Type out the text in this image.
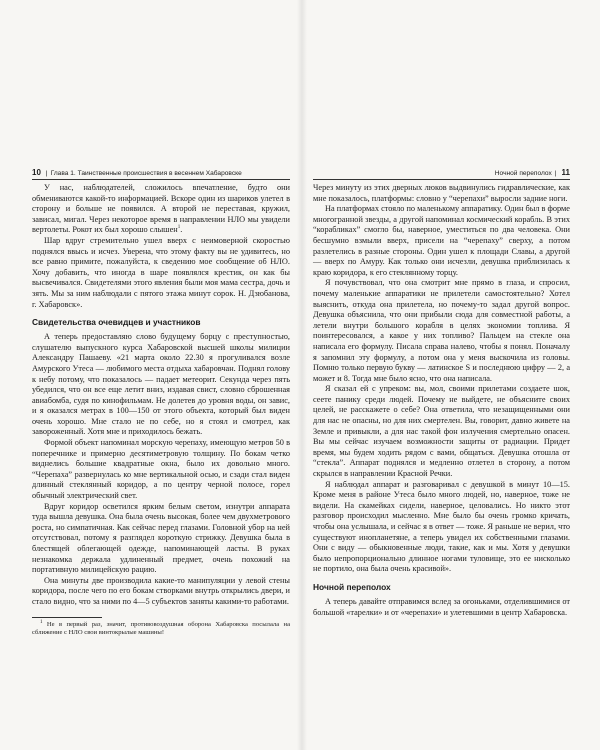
10 | Глава 1. Таинственные происшествия в весеннем Хабаровске

У нас, наблюдателей, сложилось впечатление, будто они обмениваются какой-то информацией. Вскоре один из шариков улетел в сторону и больше не появился. А второй не переставая, кружил, зависал, мигал. Через некоторое время в направлении НЛО мы увидели вертолеты. Рокот их был хорошо слышен$^1$.

Шар вдруг стремительно ушел вверх с неимоверной скоростью поднялся ввысь и исчез. Уверена, что этому факту вы не удивитесь, но все равно примите, пожалуйста, к сведению мое сообщение об НЛО. Хочу добавить, что иногда в шаре появлялся крестик, он как бы высвечивался. Свидетелями этого явления были моя мама сестра, дочь и зять. Мы за ним наблюдали с пятого этажа минут сорок. Н. Дзюбанова, г. Хабаровск».

Свидетельства очевидцев и участников

А теперь предоставляю слово будущему борцу с преступностью, слушателю выпускного курса Хабаровской высшей школы милиции Александру Пашаеву. «21 марта около 22.30 я прогуливался возле Амурского Утеса — любимого места отдыха хабаровчан. Поднял голову к небу потому, что показалось — падает метеорит. Секунда через пять убедился, что он все еще летит вниз, издавая свист, словно сброшенная авиабомба, судя по кинофильмам. Не долетев до уровня воды, он завис, и я оказался метрах в 100—150 от этого объекта, который был виден очень хорошо. Мне стало не по себе, но я стоял и смотрел, как завороженный. Хотя мне и приходилось бежать.

Формой объект напоминал морскую черепаху, имеющую метров 50 в поперечнике и примерно десятиметровую толщину. По бокам четко виднелись большие квадратные окна, было их довольно много. “Черепаха” развернулась ко мне вертикальной осью, и сзади стал виден длинный стеклянный коридор, а по центру черной полосе, горел обычный электрический свет.

Вдруг коридор осветился ярким белым светом, изнутри аппарата туда вышла девушка. Она была очень высокая, более чем двухметрового роста, но симпатичная. Как сейчас перед глазами. Головной убор на ней отсутствовал, потому я разглядел короткую стрижку. Девушка была в блестящей облегающей одежде, напоминающей ласты. В руках незнакомка держала удлиненный предмет, очень похожий на портативную милицейскую рацию.

Она минуты две производила какие-то манипуляции у левой стены коридора, после чего по его бокам створками внутрь открылись двери, и стало видно, что за ними по 4—5 субъектов заняты какими-то работами.

$^1$ Не в первый раз, значит, противовоздушная оборона Хабаровска посылала на сближение с НЛО свои винтокрылые машины!

Ночной переполох | 11

Через минуту из этих дверных люков выдвинулись гидравлические, как мне показалось, платформы: словно у “черепахи” выросли задние ноги.

На платформах стояло по маленькому аппаратику. Один был в форме многогранной звезды, а другой напоминал космический корабль. В этих “корабликах” смогло бы, наверное, уместиться по два человека. Они бесшумно взмыли вверх, присели на “черепаху” сверху, а потом разлетелись в разные стороны. Один ушел к площади Славы, а другой — вверх по Амуру. Как только они исчезли, девушка приблизилась к краю коридора, к его стеклянному торцу.

Я почувствовал, что она смотрит мне прямо в глаза, и спросил, почему маленькие аппаратики не прилетели самостоятельно? Хотел выяснить, откуда она прилетела, но почему-то задал другой вопрос. Девушка объяснила, что они прибыли сюда для совместной работы, а летели внутри большого корабля в целях экономии топлива. Я поинтересовался, а какое у них топливо? Пальцем на стекле она написала его формулу. Писала справа налево, чтобы я понял. Поначалу я запомнил эту формулу, а потом она у меня выскочила из головы. Помню только первую букву — латинское S и последнюю цифру — 2, а может и 8. Тогда мне было ясно, что она написала.

Я сказал ей с упреком: вы, мол, своими прилетами создаете шок, сеете панику среди людей. Почему не выйдете, не объясните своих целей, не расскажете о себе? Она ответила, что незащищенными они для нас не опасны, но для них смертелен. Вы, говорит, давно живете на Земле и привыкли, а для нас такой фон излучения смертельно опасен. Вы мы сейчас изучаем возможности защиты от радиации. Придет время, мы будем ходить рядом с вами, общаться. Девушка отошла от “стекла”. Аппарат поднялся и медленно отлетел в сторону, а потом скрылся в направлении Красной Речки.

Я наблюдал аппарат и разговаривал с девушкой в минут 10—15. Кроме меня в районе Утеса было много людей, но, наверное, тоже не видели. На скамейках сидели, наверное, целовались. Но никто этот разговор происходил мысленно. Мне было бы очень громко кричать, чтобы она услышала, и сейчас я в ответ — тоже. Я раньше не верил, что существуют инопланетяне, а теперь увидел их собственными глазами. Они с виду — обыкновенные люди, такие, как и мы. Хотя у девушки было непропорционально длинное ногами туловище, это ее нисколько не портило, она была очень красивой».

Ночной переполох

А теперь давайте отправимся вслед за огоньками, отделившимися от большой «тарелки» и от «черепахи» и улетевшими в центр Хабаровска.
